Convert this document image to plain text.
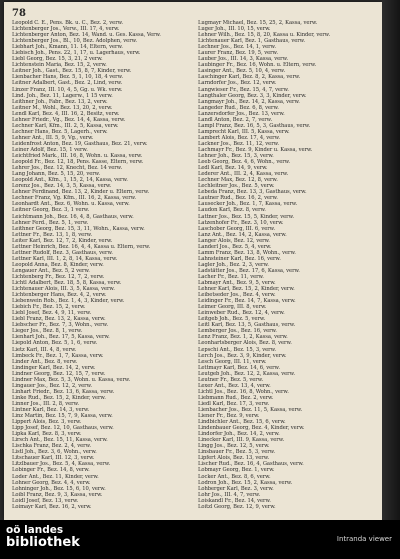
78
Leopold C. E., Pens. Bk. u. C., Bez. 2, verw.
Lichtenberger Jos., Verw., III. 17, 4, verw.
Lichtenberger Anton, Bez. 14, Wand. u. Ges. Kassa, Verw.
Lichtenberger Jos., Bl., 10, Bez. Adolphen, verw.
Liebhart Joh., Kmann, 11. 14, Eltern, verw.
Liebisch Joh., Pens. 22, 1, 17, u. Lagerhaus, verw.
Liebl Georg, Bez. 15, 3, 21, 2 verw.
Lichtenstein Maria, Bez. 15, 2, verw.
Leitner Joh., Gast., Bez. 15, 8, 7, Kinder, verw.
Lienbacher Hans, Bez. 5, 1, 10, 18, 4 verw.
Leitner Adalbert, Gast., Bez. 2, Lind, verw.
Linzer Franz, III. 10, 4, 5, Gg. u. Wk. verw.
Lind. Joh., Bez. 11, Lagerw., 1 15 verw.
Leithner Joh., Fabr., Bez. 13, 2, verw.
Leitner M., Wohl., Bez. 13, 20, 2, verw.
Lendl Karl, Bez. 4, III. 16, 2, Besitz, verw.
Lehner Friedr., Vg., Bez. 14, 4, Kassa, verw.
Lechner Karl, Kfm., III. 2, 5, Kassa, verw.
Lechner Hans, Bez. 5, Lagerh., verw.
Lehner Ant., III. 5, 9, Vg., verw.
Leidenfrost Anton, Bez. 19, Gasthaus, Bez. 21, verw.
Leiner Adolf, Bez. 15, 1 verw.
Leichtfried Mark., III. 16, 8, Wohn. u. Kassa, verw.
Leopold Fr., Bez. 12, 18, Pens. Kasse, Eltern, verw.
Lehrer Jos., Bez. 12, Knecht, Bez. 14 verw.
Lang Johann, Bez. 5, 15, 20, verw.
Leopold Ant., Kfm., 1, 15, 2, 14, Kassa, verw.
Lorenz Jos., Bez. 14, 3, 5, Kassa, verw.
Lehner Ferdinand, Bez. 13, 2, Kinder u. Eltern, verw.
Lechner Franz, Vg. Kfm., III. 16, 2, Kassa, verw.
Leonhardt Ant., Bez. 6, Wohn. u. Kassa, verw.
Leitner Georg, Bez. 3, 1 verw.
Leichtmann Joh., Bez. 16, 4, 8, Gasthaus, verw.
Lehner Ferd., Bez. 5, 1, verw.
Leithner Georg, Bez. 15, 3, 11, Wohn., Kassa, verw.
Lettner Fr., Bez. 13, 1, 8, verw.
Leiter Karl, Bez. 12, 7, 2, Kinder, verw.
Lettner Heinrich, Bez. 16, 4, 4, Kassa u. Eltern, verw.
Lettner Rudolf, Bez. 3, Gasthaus, verw.
Lettner Karl, III. 1, 2, 8, 14, Kassa, verw.
Leopold Anna, Bez. 8, Kinder, verw.
Lengauer Ant., Bez. 5, 2 verw.
Lichtenberg Fr., Bez. 12, 7, 2, verw.
Lichtl Adalbert, Bez. 18, 5, 8, Kassa, verw.
Lichtenauer Alois, III. 3, 5, Kassa, verw.
Lichtenberger Hans, Bez. 4, 2, verw.
Liebenwein Rob., Bez. 1, 4, 3, Kinder, verw.
Liebich Fr., Bez. 15, 2, verw.
Liebl Josef, Bez. 4, 9, 11, verw.
Liebl Franz, Bez. 13, 2, Kassa, verw.
Liebscher Fr., Bez. 7, 3, Wohn., verw.
Lieger Jos., Bez. 8, 1, verw.
Lienhart Joh., Bez. 17, 5, Kassa, verw.
Liepold Anton, Bez. 5, 1, 6, verw.
Lietz Karl, III. 4, 8, verw.
Limbeck Fr., Bez. 1, 7, Kassa, verw.
Linder Ant., Bez. 8, verw.
Lindinger Karl, Bez. 14, 2, verw.
Lindner Georg, Bez. 12, 15, 7, verw.
Lindner Max, Bez. 5, 3, Wohn. u. Kassa, verw.
Lingauer Jos., Bez. 12, 2, verw.
Linhart Friedr., Bez. 13, 6, Kassa, verw.
Linke Rud., Bez. 15, 2, Kinder, verw.
Linner Jos., III. 2, 8, verw.
Lintner Karl, Bez. 14, 3, verw.
Linz Martin, Bez. 15, 7, 9, Kassa, verw.
Lippert Alois, Bez. 3, verw.
Lipp Josef, Bez. 12, 10, Gasthaus, verw.
Lipka Karl, Bez. 8, 3, verw.
Lirsch Ant., Bez. 15, 11, Kassa, verw.
Lischka Franz, Bez. 2, 4, verw.
Listl Joh., Bez. 3, 6, Wohn., verw.
Litschauer Karl, III. 12, 3, verw.
Litzlbauer Jos., Bez. 5, 4, Kassa, verw.
Lobinger Fr., Bez. 14, 8, verw.
Loder Ant., Bez. 11, Kinder, verw.
Lohner Georg, Bez. 4, 4, verw.
Lohninger Joh., Bez. 15, 6, 10, verw.
Loibl Franz, Bez. 9, 3, Kassa, verw.
Loidl Josef, Bez. 13, verw.
Loimayr Karl, Bez. 16, 2, verw.
Lugmayr Michael, Bez. 15, 25, 2, Kassa, verw.
Luger Joh., III. 10, 15, verw.
Lehner Wilh., Bez. 15, 8, 20, Kassa u. Kinder, verw.
Lichtenauer Karl, Bez. 1, Gasthaus, verw.
Lechner Jos., Bez. 14, 1, verw.
Laurer Franz, Bez. 19, 5, verw.
Lauber Jos., III. 14, 3, Kassa, verw.
Laubinger Fr., Bez. 16, Wohn. u. Eltern, verw.
Lasinger Ant., Bez. 5, 10, 4, verw.
Laschinger Karl, Bez. 8, 2, Kassa, verw.
Larndorfer Jos., Bez. 12, verw.
Langwieser Fr., Bez. 15, 4, 7, verw.
Langthaler Georg, Bez. 3, 3, Kinder, verw.
Langmayr Joh., Bez. 14, 2, Kassa, verw.
Langeder Rud., Bez. 6, 8, verw.
Lanzersdorfer Jos., Bez. 13, verw.
Landl Anton, Bez. 2, 7, verw.
Lampl Franz, Bez. 16, 5, 3, Gasthaus, verw.
Lamprecht Karl, III. 5, Kassa, verw.
Lambert Alois, Bez. 17, 4, verw.
Lackner Jos., Bez. 11, 12, verw.
Lachmayr Fr., Bez. 9, Kinder u. Kassa, verw.
Lehner Joh., Bez. 15, 3, verw.
Leeb Georg, Bez. 4, 6, Wohn., verw.
Ledl Karl, Bez. 14, 9, verw.
Lederer Ant., III. 2, 4, Kassa, verw.
Lechner Max, Bez. 12, 8, verw.
Lechleitner Jos., Bez. 5, verw.
Lebeda Franz, Bez. 13, 3, Gasthaus, verw.
Lautner Rud., Bez. 16, 2, verw.
Lausecker Joh., Bez. 1, 7, Kassa, verw.
Laudon Karl, Bez. 8, verw.
Lattner Jos., Bez. 15, 5, Kinder, verw.
Latzenhofer Fr., Bez. 3, 10, verw.
Laschober Georg, III. 6, verw.
Lanz Ant., Bez. 14, 2, Kassa, verw.
Langer Alois, Bez. 12, verw.
Landerl Jos., Bez. 5, 4, verw.
Lamm Franz, Bez. 13, 8, Wohn., verw.
Lahnsteiner Karl, Bez. 16, verw.
Lagler Joh., Bez. 2, 3, verw.
Ladstätter Jos., Bez. 17, 6, Kassa, verw.
Lacher Fr., Bez. 11, verw.
Labmayr Ant., Bez. 9, 5, verw.
Lehner Karl, Bez. 15, 2, Kinder, verw.
Leibetseder Jos., Bez. 4, verw.
Leidinger Fr., Bez. 14, 7, Kassa, verw.
Leimer Georg, III. 8, verw.
Leinweber Rud., Bez. 12, 4, verw.
Leitgeb Joh., Bez. 5, verw.
Leitl Karl, Bez. 13, 5, Gasthaus, verw.
Lemberger Jos., Bez. 16, verw.
Lenz Franz, Bez. 1, 2, Kassa, verw.
Leonhartsberger Alois, Bez. 8, verw.
Lepschi Ant., Bez. 15, 3, verw.
Lerch Jos., Bez. 3, 9, Kinder, verw.
Lesch Georg, III. 11, verw.
Lettmayr Karl, Bez. 14, 6, verw.
Leutgeb Joh., Bez. 12, 2, Kassa, verw.
Leutner Fr., Bez. 5, verw.
Lexer Ant., Bez. 13, 4, verw.
Lichtl Jos., Bez. 16, 8, Wohn., verw.
Liebmann Rud., Bez. 2, verw.
Liedl Karl, Bez. 17, 3, verw.
Lienbacher Jos., Bez. 11, 5, Kassa, verw.
Liener Fr., Bez. 9, verw.
Lindbichler Ant., Bez. 15, 6, verw.
Lindenbauer Georg, Bez. 4, Kinder, verw.
Lindorfer Joh., Bez. 14, 2, verw.
Linecker Karl, III. 9, Kassa, verw.
Lingg Jos., Bez. 12, 5, verw.
Linsbauer Fr., Bez. 5, 3, verw.
Lipfert Alois, Bez. 13, verw.
Lischer Rud., Bez. 16, 4, Gasthaus, verw.
Lobmayr Georg, Bez. 1, verw.
Locker Ant., Bez. 8, 6, verw.
Lodron Joh., Bez. 15, 2, Kassa, verw.
Lohberger Karl, Bez. 3, verw.
Lohr Jos., III. 4, 7, verw.
Loiskandl Fr., Bez. 14, verw.
Loitzl Georg, Bez. 12, 9, verw.
oö landes
bibliothek	Intranda viewer
